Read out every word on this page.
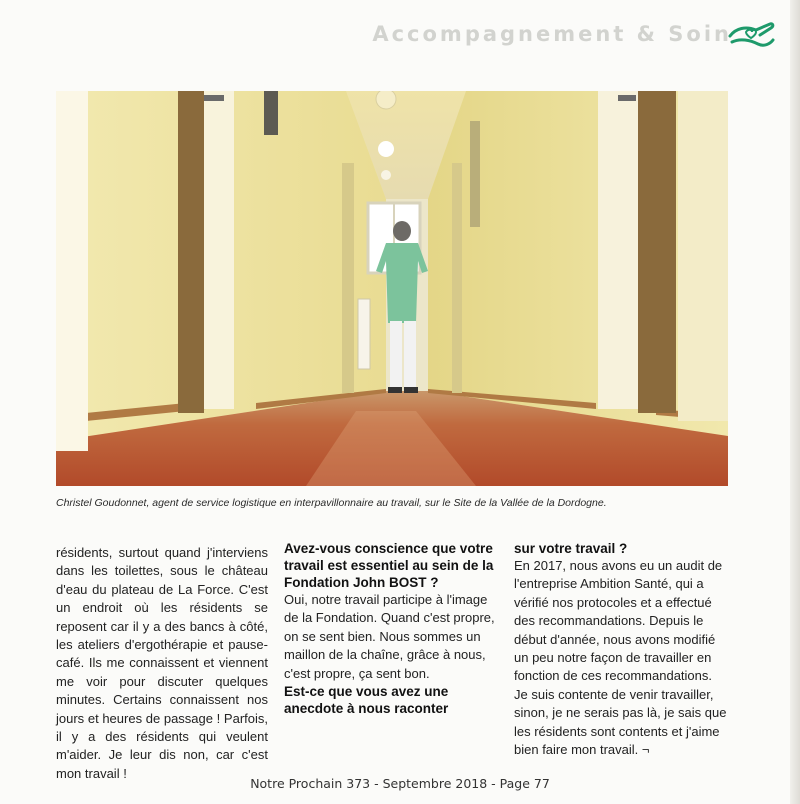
Accompagnement & Soin
Christel Goudonnet, agent de service logistique en interpavillonnaire au travail, sur le Site de la Vallée de la Dordogne.

résidents, surtout quand j'interviens dans les toilettes, sous le château d'eau du plateau de La Force. C'est un endroit où les résidents se reposent car il y a des bancs à côté, les ateliers d'ergothérapie et pause-café. Ils me connaissent et viennent me voir pour discuter quelques minutes. Certains connaissent nos jours et heures de passage ! Parfois, il y a des résidents qui veulent m'aider. Je leur dis non, car c'est mon travail !

Avez-vous conscience que votre travail est essentiel au sein de la Fondation John BOST ?

Oui, notre travail participe à l'image de la Fondation. Quand c'est propre, on se sent bien. Nous sommes un maillon de la chaîne, grâce à nous, c'est propre, ça sent bon.

Est-ce que vous avez une anecdote à nous raconter

sur votre travail ?

En 2017, nous avons eu un audit de l'entreprise Ambition Santé, qui a vérifié nos protocoles et a effectué des recommandations. Depuis le début d'année, nous avons modifié un peu notre façon de travailler en fonction de ces recommandations.

Je suis contente de venir travailler, sinon, je ne serais pas là, je sais que les résidents sont contents et j'aime bien faire mon travail. ¬

Notre Prochain 373 - Septembre 2018 - Page 77
